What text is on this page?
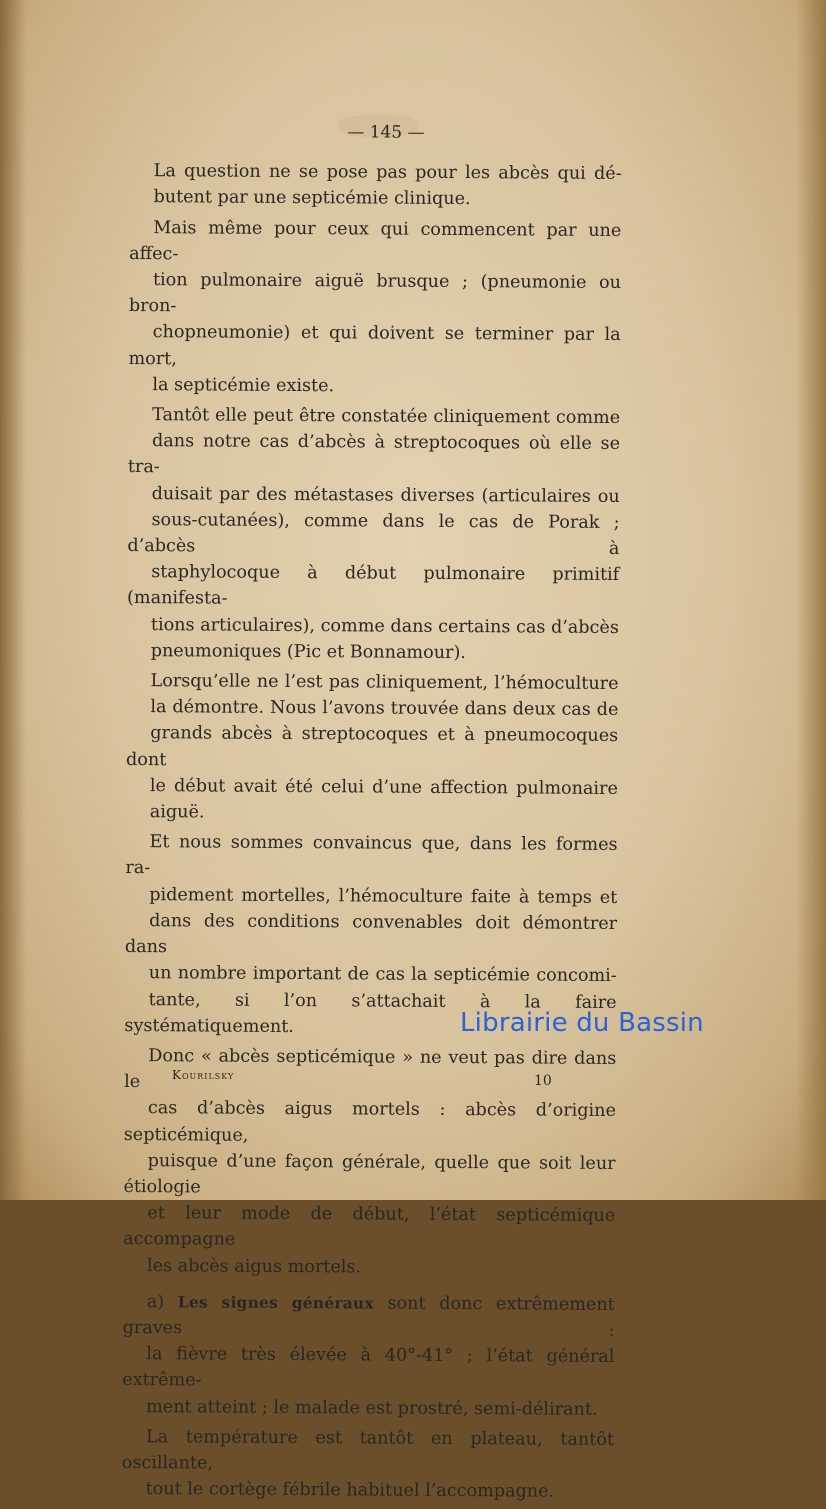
— 145 —

La question ne se pose pas pour les abcès qui dé-
butent par une septicémie clinique.

Mais même pour ceux qui commencent par une affec-
tion pulmonaire aiguë brusque ; (pneumonie ou bron-
chopneumonie) et qui doivent se terminer par la mort,
la septicémie existe.

Tantôt elle peut être constatée cliniquement comme
dans notre cas d’abcès à streptocoques où elle se tra-
duisait par des métastases diverses (articulaires ou
sous-cutanées), comme dans le cas de Porak ; d’abcès à
staphylocoque à début pulmonaire primitif (manifesta-
tions articulaires), comme dans certains cas d’abcès
pneumoniques (Pic et Bonnamour).

Lorsqu’elle ne l’est pas cliniquement, l’hémoculture
la démontre. Nous l’avons trouvée dans deux cas de
grands abcès à streptocoques et à pneumocoques dont
le début avait été celui d’une affection pulmonaire
aiguë.

Et nous sommes convaincus que, dans les formes ra-
pidement mortelles, l’hémoculture faite à temps et
dans des conditions convenables doit démontrer dans
un nombre important de cas la septicémie concomi-
tante, si l’on s’attachait à la faire systématiquement.

Donc « abcès septicémique » ne veut pas dire dans le
cas d’abcès aigus mortels : abcès d’origine septicémique,
puisque d’une façon générale, quelle que soit leur étiologie
et leur mode de début, l’état septicémique accompagne
les abcès aigus mortels.

a) Les signes généraux sont donc extrêmement graves :
la fièvre très élevée à 40°-41° ; l’état général extrême-
ment atteint ; le malade est prostré, semi-délirant.

La température est tantôt en plateau, tantôt oscillante,
tout le cortège fébrile habituel l’accompagne.

Kourilsky	10
Librairie du Bassin
